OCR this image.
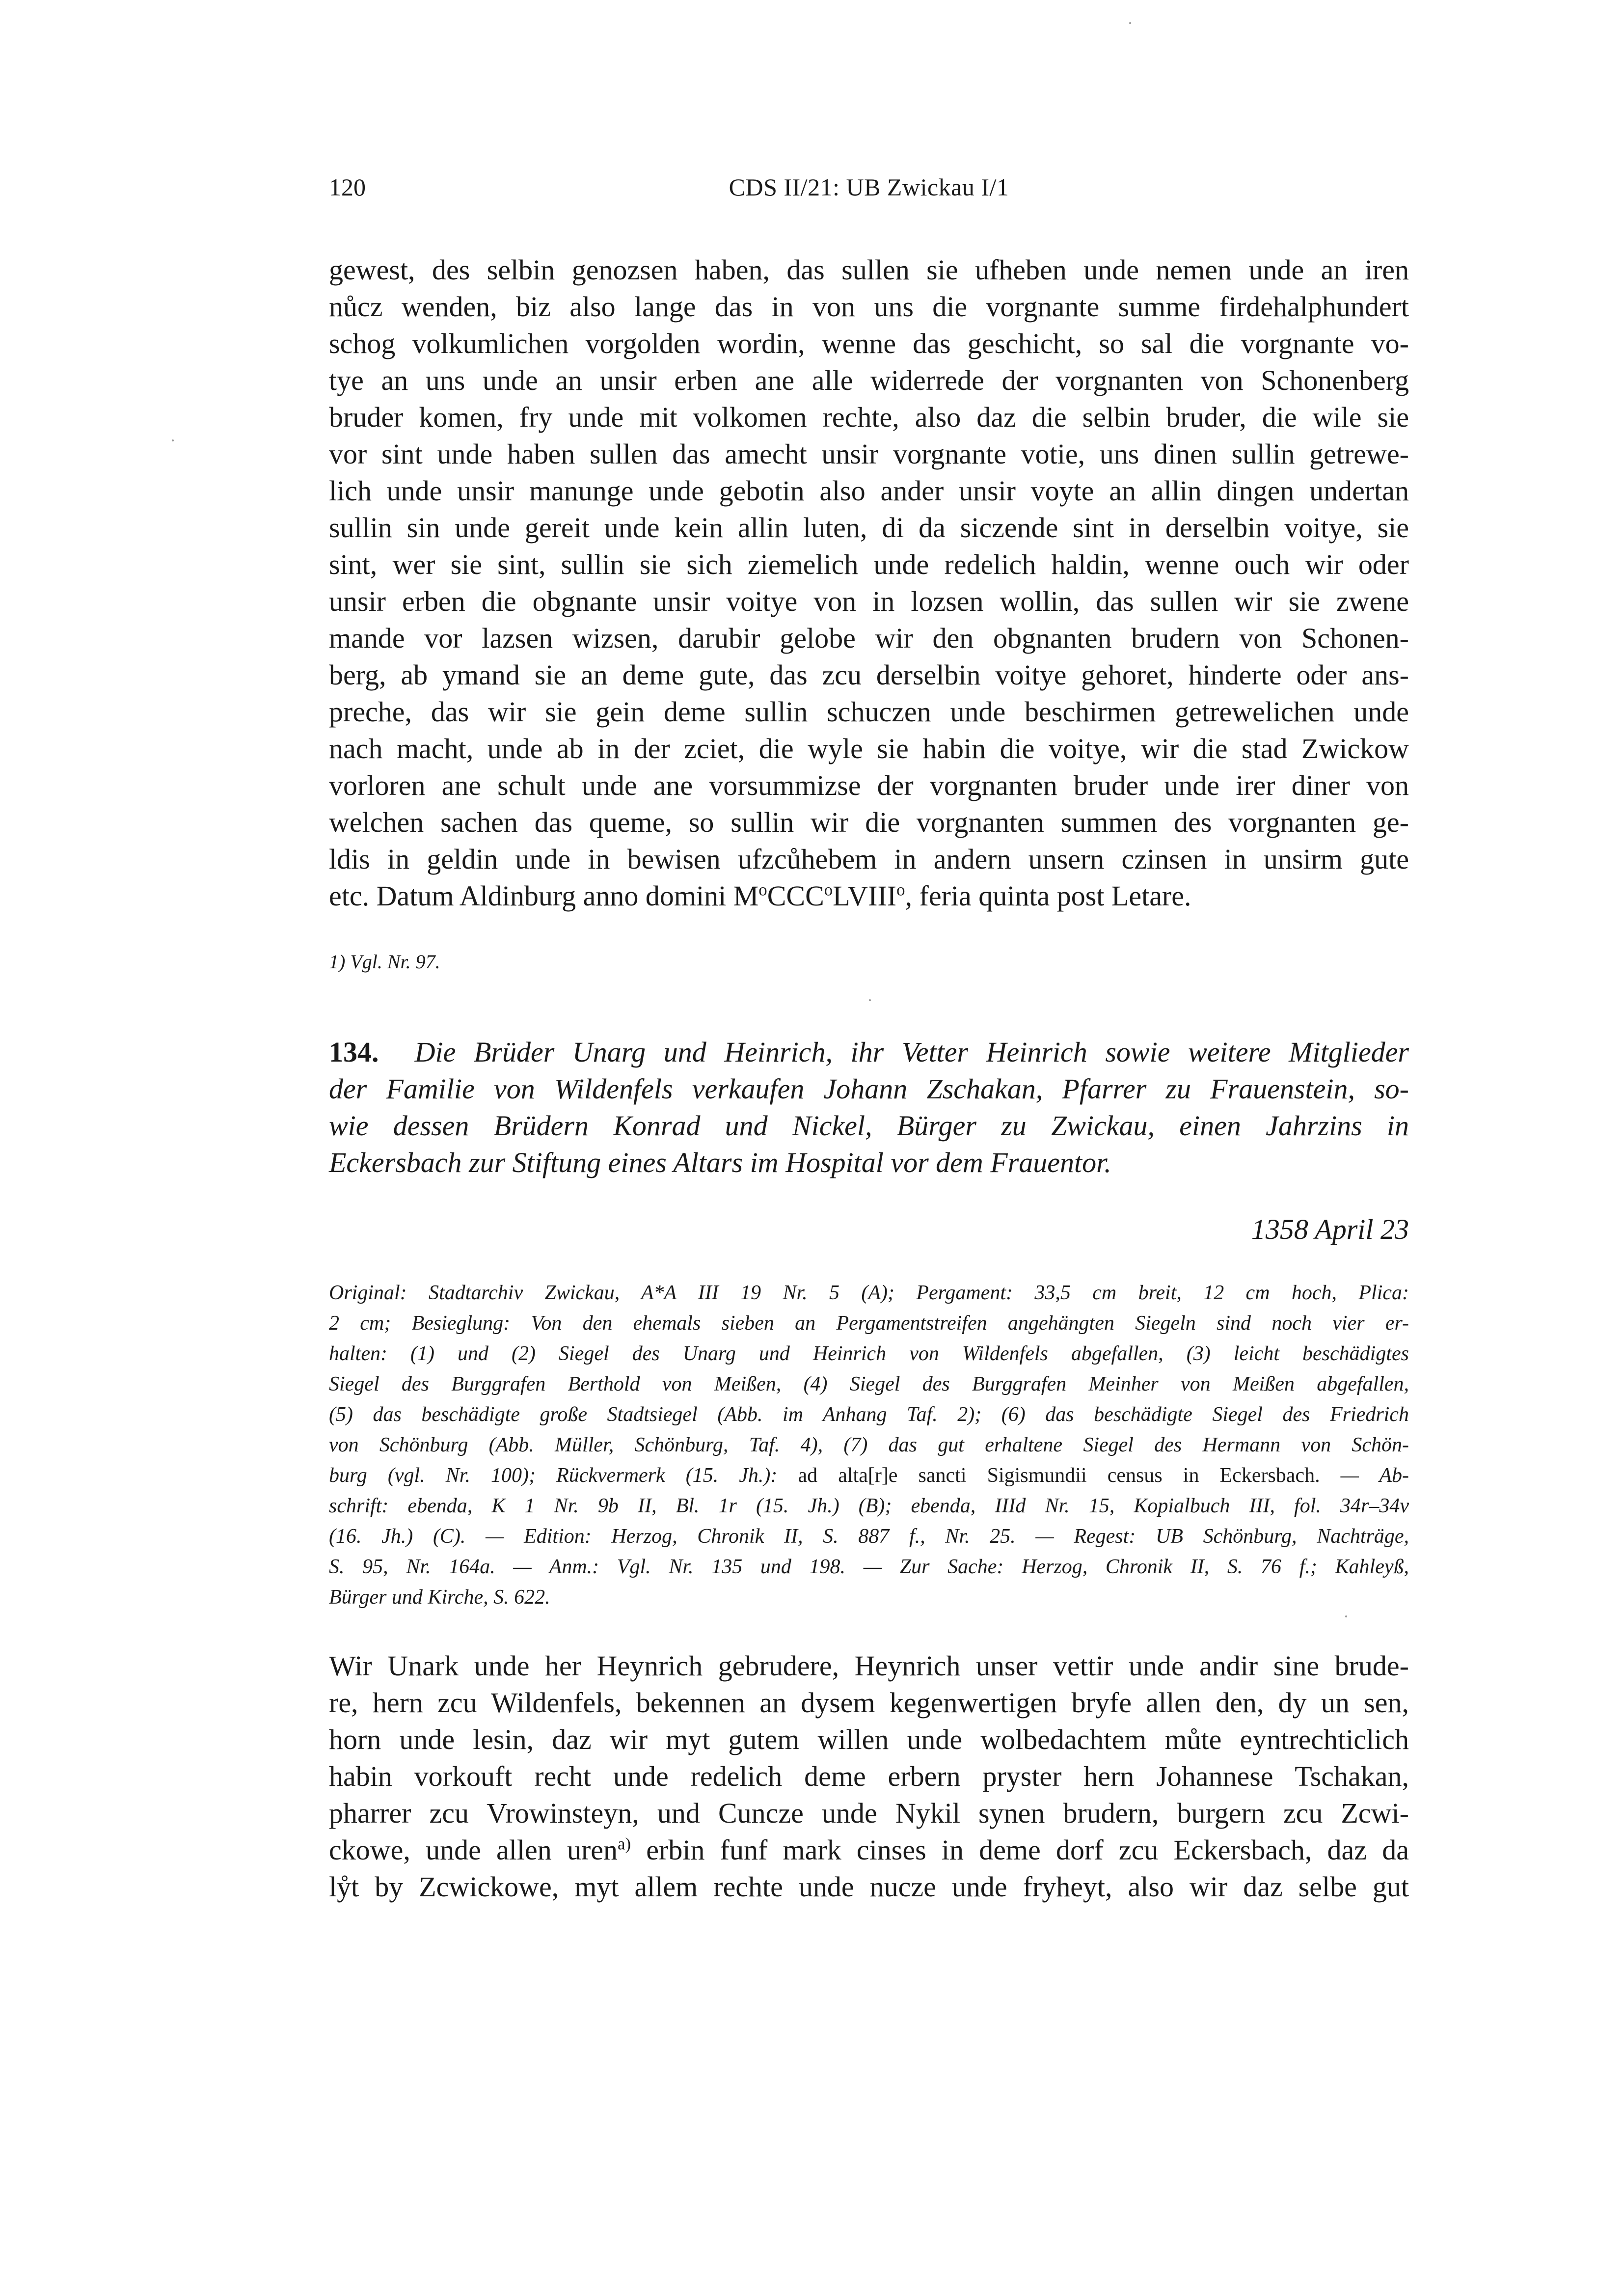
120	CDS II/21: UB Zwickau I/1
gewest, des selbin genozsen haben, das sullen sie ufheben unde nemen unde an iren
nůcz wenden, biz also lange das in von uns die vorgnante summe firdehalphundert
schog volkumlichen vorgolden wordin, wenne das geschicht, so sal die vorgnante vo-
tye an uns unde an unsir erben ane alle widerrede der vorgnanten von Schonenberg
bruder komen, fry unde mit volkomen rechte, also daz die selbin bruder, die wile sie
vor sint unde haben sullen das amecht unsir vorgnante votie, uns dinen sullin getrewe-
lich unde unsir manunge unde gebotin also ander unsir voyte an allin dingen undertan
sullin sin unde gereit unde kein allin luten, di da siczende sint in derselbin voitye, sie
sint, wer sie sint, sullin sie sich ziemelich unde redelich haldin, wenne ouch wir oder
unsir erben die obgnante unsir voitye von in lozsen wollin, das sullen wir sie zwene
mande vor lazsen wizsen, darubir gelobe wir den obgnanten brudern von Schonen-
berg, ab ymand sie an deme gute, das zcu derselbin voitye gehoret, hinderte oder ans-
preche, das wir sie gein deme sullin schuczen unde beschirmen getrewelichen unde
nach macht, unde ab in der zciet, die wyle sie habin die voitye, wir die stad Zwickow
vorloren ane schult unde ane vorsummizse der vorgnanten bruder unde irer diner von
welchen sachen das queme, so sullin wir die vorgnanten summen des vorgnanten ge-
ldis in geldin unde in bewisen ufzcůhebem in andern unsern czinsen in unsirm gute
etc. Datum Aldinburg anno domini $M^oCCC^oLVIII^o$, feria quinta post Letare.
1) Vgl. Nr. 97.
134. Die Brüder Unarg und Heinrich, ihr Vetter Heinrich sowie weitere Mitglieder
der Familie von Wildenfels verkaufen Johann Zschakan, Pfarrer zu Frauenstein, so-
wie dessen Brüdern Konrad und Nickel, Bürger zu Zwickau, einen Jahrzins in
Eckersbach zur Stiftung eines Altars im Hospital vor dem Frauentor.
1358 April 23
Original: Stadtarchiv Zwickau, A*A III 19 Nr. 5 (A); Pergament: 33,5 cm breit, 12 cm hoch, Plica:
2 cm; Besieglung: Von den ehemals sieben an Pergamentstreifen angehängten Siegeln sind noch vier er-
halten: (1) und (2) Siegel des Unarg und Heinrich von Wildenfels abgefallen, (3) leicht beschädigtes
Siegel des Burggrafen Berthold von Meißen, (4) Siegel des Burggrafen Meinher von Meißen abgefallen,
(5) das beschädigte große Stadtsiegel (Abb. im Anhang Taf. 2); (6) das beschädigte Siegel des Friedrich
von Schönburg (Abb. Müller, Schönburg, Taf. 4), (7) das gut erhaltene Siegel des Hermann von Schön-
burg (vgl. Nr. 100); Rückvermerk (15. Jh.): ad alta[r]e sancti Sigismundii census in Eckersbach. — Ab-
schrift: ebenda, K 1 Nr. 9b II, Bl. 1r (15. Jh.) (B); ebenda, IIId Nr. 15, Kopialbuch III, fol. 34r–34v
(16. Jh.) (C). — Edition: Herzog, Chronik II, S. 887 f., Nr. 25. — Regest: UB Schönburg, Nachträge,
S. 95, Nr. 164a. — Anm.: Vgl. Nr. 135 und 198. — Zur Sache: Herzog, Chronik II, S. 76 f.; Kahleyß,
Bürger und Kirche, S. 622.
Wir Unark unde her Heynrich gebrudere, Heynrich unser vettir unde andir sine brude-
re, hern zcu Wildenfels, bekennen an dysem kegenwertigen bryfe allen den, dy un sen,
horn unde lesin, daz wir myt gutem willen unde wolbedachtem můte eyntrechticlich
habin vorkouft recht unde redelich deme erbern pryster hern Johannese Tschakan,
pharrer zcu Vrowinsteyn, und Cuncze unde Nykil synen brudern, burgern zcu Zcwi-
ckowe, unde allen uren$^{a)}$ erbin funf mark cinses in deme dorf zcu Eckersbach, daz da
lẙt by Zcwickowe, myt allem rechte unde nucze unde fryheyt, also wir daz selbe gut
